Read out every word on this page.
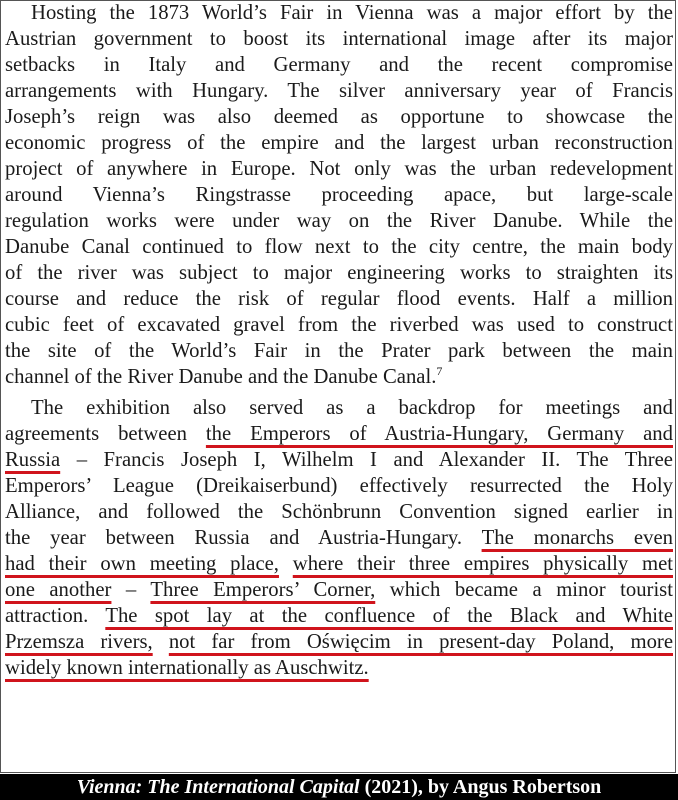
Hosting the 1873 World’s Fair in Vienna was a major effort by the
Austrian government to boost its international image after its major
setbacks in Italy and Germany and the recent compromise
arrangements with Hungary. The silver anniversary year of Francis
Joseph’s reign was also deemed as opportune to showcase the
economic progress of the empire and the largest urban reconstruction
project of anywhere in Europe. Not only was the urban redevelopment
around Vienna’s Ringstrasse proceeding apace, but large-scale
regulation works were under way on the River Danube. While the
Danube Canal continued to flow next to the city centre, the main body
of the river was subject to major engineering works to straighten its
course and reduce the risk of regular flood events. Half a million
cubic feet of excavated gravel from the riverbed was used to construct
the site of the World’s Fair in the Prater park between the main
channel of the River Danube and the Danube Canal.$^7$
The exhibition also served as a backdrop for meetings and
agreements between the Emperors of Austria-Hungary, Germany and
Russia – Francis Joseph I, Wilhelm I and Alexander II. The Three
Emperors’ League (Dreikaiserbund) effectively resurrected the Holy
Alliance, and followed the Schönbrunn Convention signed earlier in
the year between Russia and Austria-Hungary. The monarchs even
had their own meeting place, where their three empires physically met
one another – Three Emperors’ Corner, which became a minor tourist
attraction. The spot lay at the confluence of the Black and White
Przemsza rivers, not far from Oświęcim in present-day Poland, more
widely known internationally as Auschwitz.
Vienna: The International Capital (2021), by Angus Robertson
